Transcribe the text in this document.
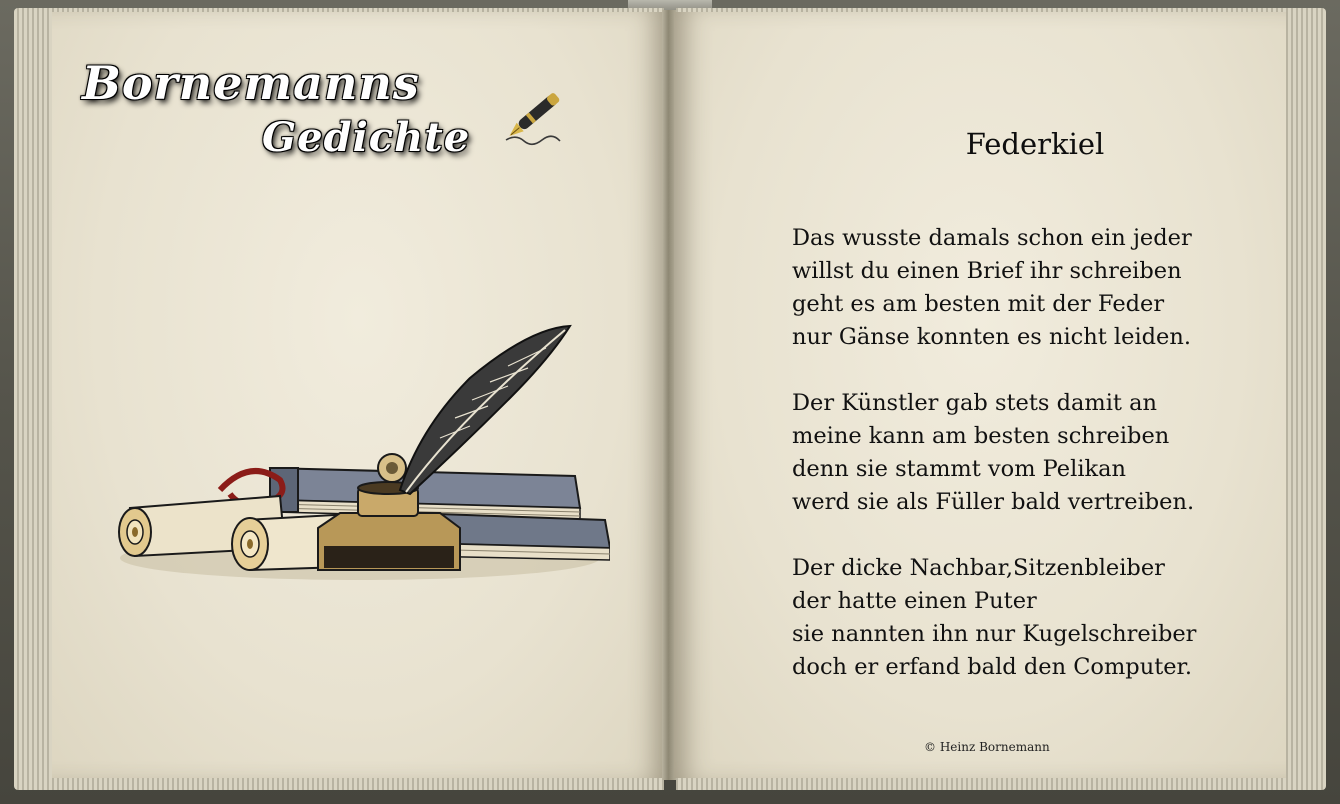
Bornemanns
Gedichte	Federkiel
Das wusste damals schon ein jeder
willst du einen Brief ihr schreiben
geht es am besten mit der Feder
nur Gänse konnten es nicht leiden.
Der Künstler gab stets damit an
meine kann am besten schreiben
denn sie stammt vom Pelikan
werd sie als Füller bald vertreiben.
Der dicke Nachbar,Sitzenbleiber
der hatte einen Puter
sie nannten ihn nur Kugelschreiber
doch er erfand bald den Computer.
© Heinz Bornemann
